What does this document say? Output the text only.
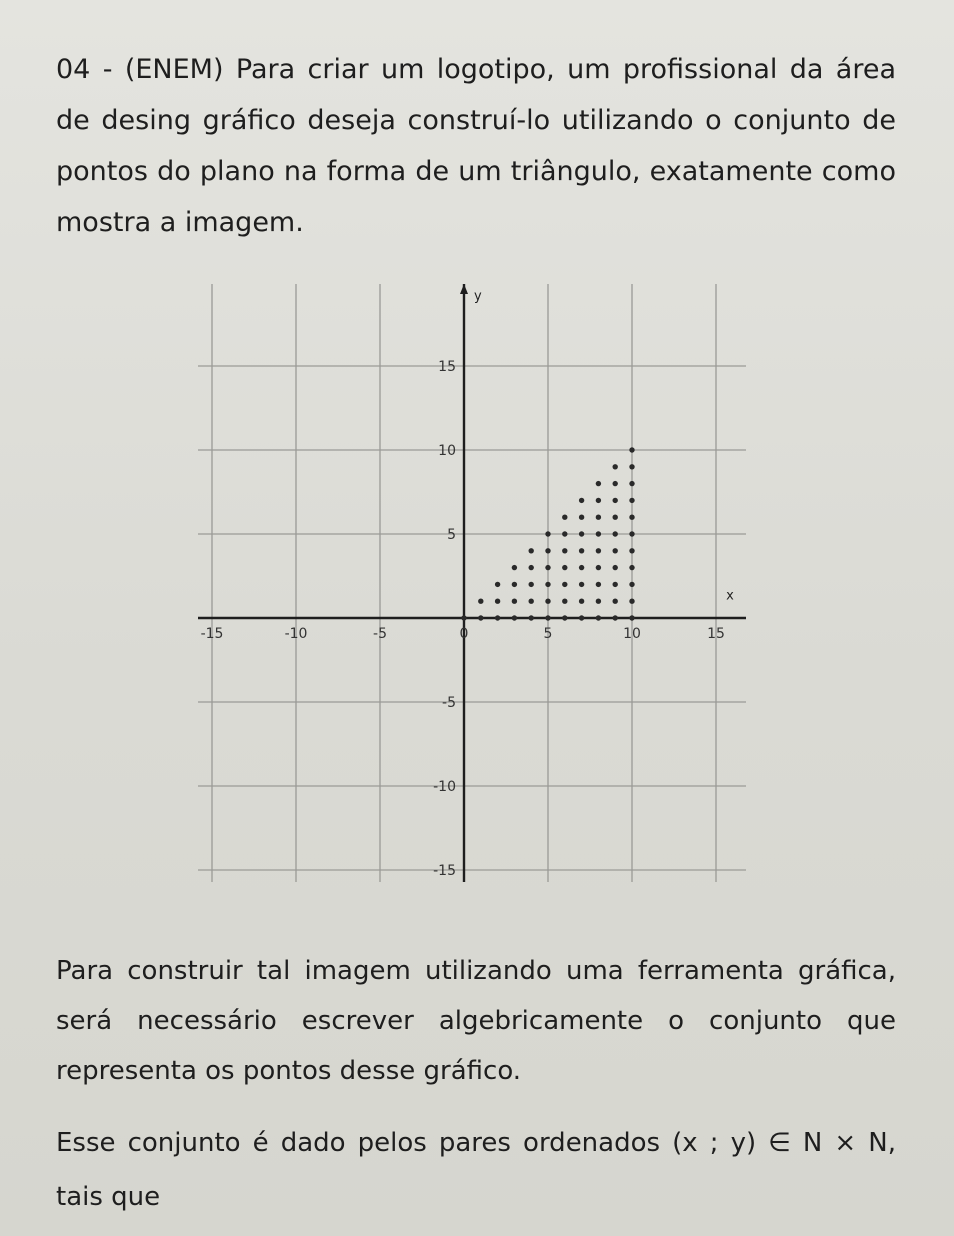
04 - (ENEM) Para criar um logotipo, um profissional da área de desing gráfico deseja construí-lo utilizando o conjunto de pontos do plano na forma de um triângulo, exatamente como mostra a imagem.

y
x
-15	-10	-5	0	5	10	15
15
10
5
-5
-10
-15

Para construir tal imagem utilizando uma ferramenta gráfica, será necessário escrever algebricamente o conjunto que representa os pontos desse gráfico.

Esse conjunto é dado pelos pares ordenados (x ; y) ∈ N × N, tais que
